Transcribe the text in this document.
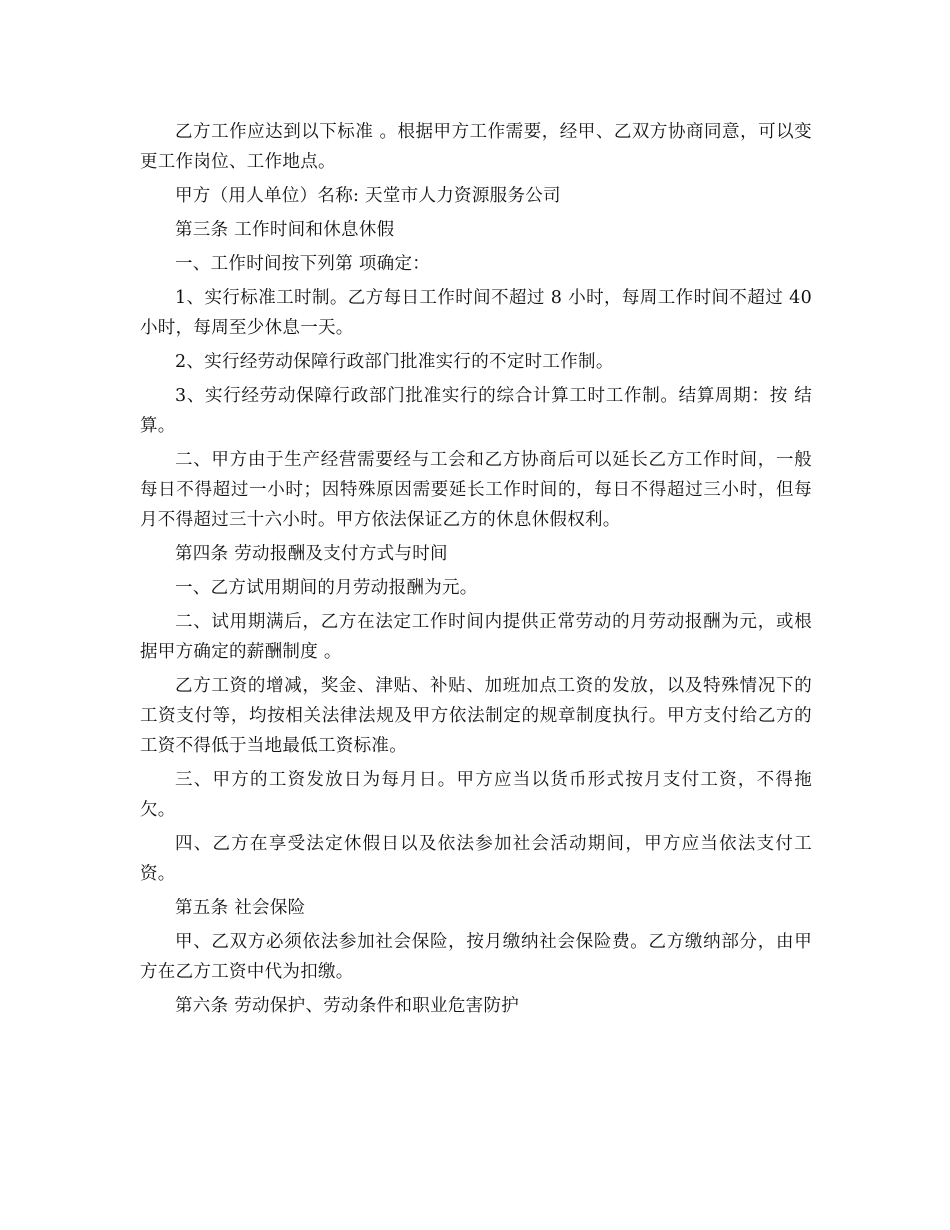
乙方工作应达到以下标准 。根据甲方工作需要，经甲、乙双方协商同意，可以变更工作岗位、工作地点。

甲方（用人单位）名称: 天堂市人力资源服务公司

第三条 工作时间和休息休假

一、工作时间按下列第 项确定：

1、实行标准工时制。乙方每日工作时间不超过 8 小时，每周工作时间不超过 40 小时，每周至少休息一天。

2、实行经劳动保障行政部门批准实行的不定时工作制。

3、实行经劳动保障行政部门批准实行的综合计算工时工作制。结算周期：按 结算。

二、甲方由于生产经营需要经与工会和乙方协商后可以延长乙方工作时间，一般每日不得超过一小时；因特殊原因需要延长工作时间的，每日不得超过三小时，但每月不得超过三十六小时。甲方依法保证乙方的休息休假权利。

第四条 劳动报酬及支付方式与时间

一、乙方试用期间的月劳动报酬为元。

二、试用期满后，乙方在法定工作时间内提供正常劳动的月劳动报酬为元，或根据甲方确定的薪酬制度 。

乙方工资的增减，奖金、津贴、补贴、加班加点工资的发放，以及特殊情况下的工资支付等，均按相关法律法规及甲方依法制定的规章制度执行。甲方支付给乙方的工资不得低于当地最低工资标准。

三、甲方的工资发放日为每月日。甲方应当以货币形式按月支付工资，不得拖欠。

四、乙方在享受法定休假日以及依法参加社会活动期间，甲方应当依法支付工资。

第五条 社会保险

甲、乙双方必须依法参加社会保险，按月缴纳社会保险费。乙方缴纳部分，由甲方在乙方工资中代为扣缴。

第六条 劳动保护、劳动条件和职业危害防护
